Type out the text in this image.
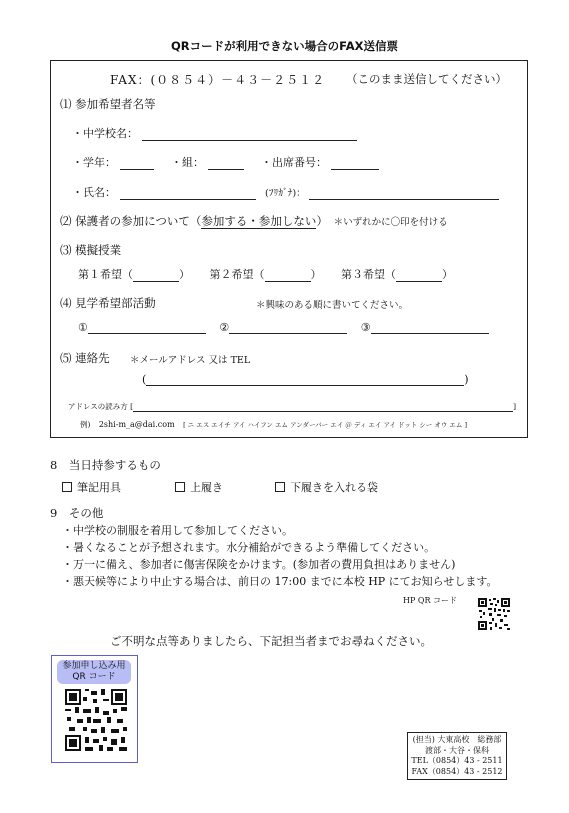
QRコードが利用できない場合のFAX送信票
FAX：(０８５４）－４３－２５１２ （このまま送信してください）
⑴ 参加希望者名等
・中学校名：
・学年：	・組：	・出席番号：
・氏名：	(ﾌﾘｶﾞﾅ)：
⑵ 保護者の参加について（参加する・参加しない） ＊いずれかに〇印を付ける
⑶ 模擬授業
第１希望（	） 第２希望（	） 第３希望（	）
⑷ 見学希望部活動	＊興味のある順に書いてください。
①	②	③
⑸ 連絡先 ＊メールアドレス 又は TEL
(	)
アドレスの読み方 [	]
例) 2shi-m_a@dai.com [ ニ エス エイチ アイ ハイフン エム アンダーバー エイ ＠ ディ エイ アイ ドット シー オウ エム ]
8　当日持参するもの
筆記用具	上履き	下履きを入れる袋
9　その他
・中学校の制服を着用して参加してください。
・暑くなることが予想されます。水分補給ができるよう準備してください。
・万一に備え、参加者に傷害保険をかけます。(参加者の費用負担はありません)
・悪天候等により中止する場合は、前日の 17:00 までに本校 HP にてお知らせします。
HP QR コード
ご不明な点等ありましたら、下記担当者までお尋ねください。
参加申し込み用
QR コード
(担当) 大東高校　総務部
渡部・大谷・保科
TEL（0854）43 - 2511
FAX（0854）43 - 2512
